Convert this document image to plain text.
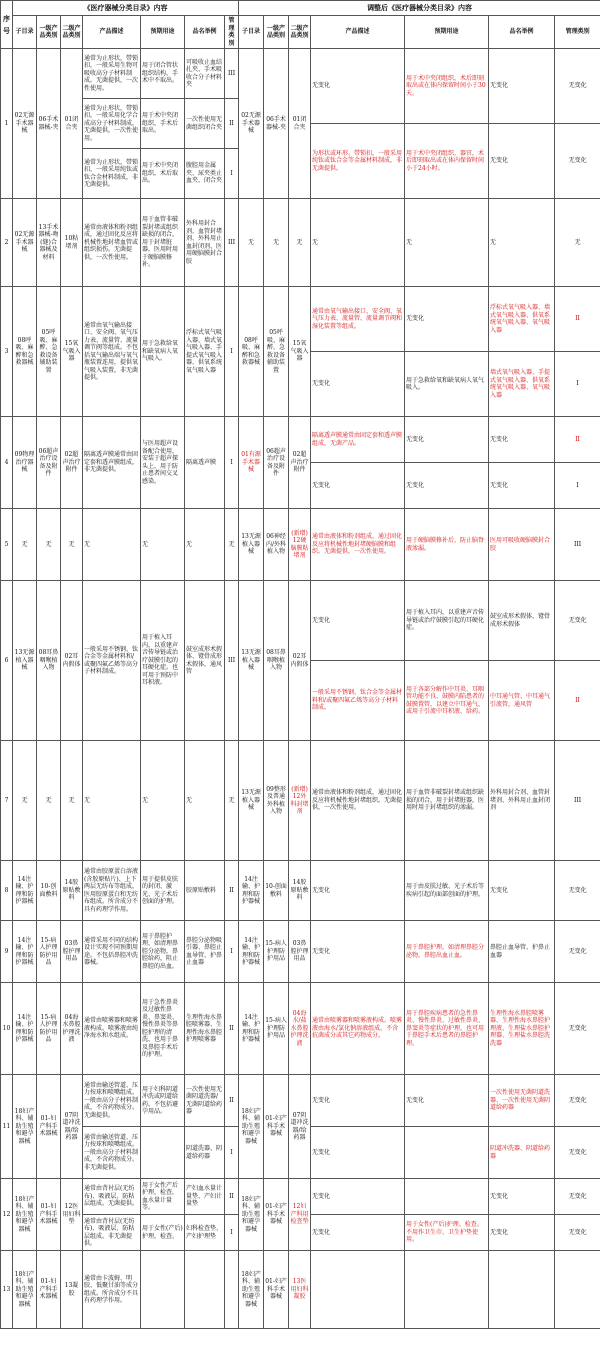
序号	《医疗器械分类目录》内容							调整后《医疗器械分类目录》内容						
	子目录	一级产品类别	二级产品类别	产品描述	预期用途	品名举例	管理类别	子目录	一级产品类别	二级产品类别	产品描述	预期用途	品名举例	管理类别
1	02无源手术器械	06手术器械-夹	01闭合夹	通常为止形状，带锁扣，一般采用生物可吸收高分子材料制成。无菌提供，一次性使用。	用于闭合管状组织结构，手术中不取出。	可吸收止血结扎夹、手术吸收合分子材料夹	III	02无源手术器械	06手术器械-夹	01闭合夹	无变化	用于术中夹闭组织，术后即刻取出或在体内保留时间小于30天。	无变化	无变化

				通常为止形状，带锁扣，一般采用化学合成高分子材料制成，无菌提供，一次性使用。	用于术中夹闭组织，手术后取出。	一次性使用无菌组织闭合夹	II							
											为形状或环形，带锁扣，一般采用纯钛或钛合金等金属材料制成，非无菌提供。	用于术中夹闭组织，器官，术后即刻取出或在体内保留时间小于24小时。	无变化	无变化
				通常为止形状，带锁扣，一般采用纯钛或钛合金材料制成，非无菌提供。	用于术中夹闭组织，术后取出。	腹腔用金属夹、尿夹类止血夹、闭合夹	I							

2	02无源手术器械	13手术器械-吻(缝)合器械及材料	10粘堵剂	通常由液体和粉剂组成，通过固化反应将机械性地封堵血管或组织损伤。无菌提供，一次性使用。	用于血管非破裂封堵或组织缺损的闭合，用于封堵脏器，医用时用于硬脑膜修补。	外科用封合剂、血管封堵剂、外科用止血封闭剂、医用硬脑膜封合胶	III	无	无	无	无	无	无	无
3	08呼吸、麻醉和急救器械	05呼吸、麻醉、急救设备辅助装置	15氧气吸入器	通常由氧气输出接口、安全阀、氧气压力表、流量管、流量调节阀等组成。不包括氧气输出端与氧气瓶装置连用，提供氧气吸入装置，非无菌提供。	用于急救给氧和缺氧病人氧气吸入。	浮标式氧气吸入器、墙式氧气吸入器、手提式氧气吸入器、供氧系统氧气吸入器	I	08呼吸、麻醉和急救器械	05呼吸、麻醉、急救设备辅助装置	15氧气吸入器	通常由氧气输出接口、安全阀、氧气压力表、流量管、流量调节阀和湿化装置等组成。	无变化	浮标式氧气吸入器、墙式氧气吸入器、供氧系统氧气吸入器、氧气吸入器	II
											无变化	用于急救给氧和缺氧病人氧气吸入。	墙式氧气吸入器、手提式氧气吸入器、供氧系统氧气吸入器、氧气吸入器	I
4	09物理治疗器械	06超声治疗设备及附件	02超声治疗附件	隔离透声膜通常由固定套和透声膜组成，非无菌提供。	与医用超声设备配合使用，安装于超声探头上，用于防止患者间交叉感染。	隔离透声膜	I	01有源手术器械	06超声治疗设备及附件	02超声治疗附件	隔离透声膜通常由固定套和透声膜组成，无菌产品。	无变化	无变化	II
											无变化	无变化	无变化	I
5	无	无	无	无	无	无	无	13无源植入器械	06神经内/外科植入物	(新增)12硬脑膜粘堵剂	通常由液体和粉剂组成，通过固化反应将机械性地封堵硬脑膜和组织。无菌提供，一次性使用。	用于硬脑膜修补后，防止脑脊液渗漏。	医用可吸收硬脑膜封合胶	III
6	13无源植入器械	08耳鼻咽喉植入物	02耳内假体	一般采用不锈钢、钛合金等金属材料和/或聚四氟乙烯等高分子材料制成。	用于植入耳内，以重建声音传导链或治疗鼓膜引起的耳硬化症。也可用于预防中耳积液。	鼓室成形术假体、镫骨成形术假体，通风管	III	13无源植入器械	08耳鼻咽喉植入物	02耳内假体	无变化	用于植入耳内，以重建声音传导链或治疗鼓膜引起的耳硬化症。	鼓室成形术假体、镫骨成形术假体	无变化
											一般采用不锈钢、钛合金等金属材料和/或聚四氟乙烯等高分子材料制成。	用于各部分解作中耳炎、耳咽管功能不良、鼓膜内陷患者的鼓膜置管，以建立中耳通气，或用于引流中耳积液、给药。	中耳通气管、中耳通气引流管，通风管	II
7	无	无	无	无	无	无	无	13无源植入器械	09整形及普通外科植入物	(新增)12外科封堵剂	通常由液体和粉剂组成，通过固化反应将机械性地封堵组织。无菌提供，一次性使用。	用于血管非破裂封堵或组织缺损的闭合，用于封堵脏器，医用时用于封堵组织的渗漏。	外科用封合剂、血管封堵剂、外科用止血封闭剂	III
8	14注输、护理和防护器械	10-创面敷料	14胶原贴敷料	通常由胶原蛋白溶液(含胶原贴片)、上下两层无纺布等组成，医用胶原蛋白和无纺布组成。所含成分不具有药理学作用。	用于提供皮肤的封闭、激光、光子术后创面的护理。	胶原贴敷料	II	14注输、护理和防护器械	10-创面敷料	14胶原贴敷料	无变化	用于由皮肤过敏、光子术后等疾病引起的面部创面的护理。	无变化	无变化
9	14注输、护理和防护器械	15-病人护理防护用品	03鼻腔护理用品	通常采用不同的结构设计实现不同预期用途。不包括鼻腔冲洗器械。	用于鼻腔护理，如清理鼻腔分泌物，鼻腔给药，阻止鼻腔的出血。	鼻腔分泌物吸引器、鼻腔止血导管、护鼻止血器	I	14注输、护理和防护器械	15-病人护理防护用品	03鼻腔护理用品	无变化	用于鼻腔护理，如清理鼻腔分泌物，鼻腔出血止血。	鼻腔止血导管、护鼻止血器	无变化
10	14注输、护理和防护器械	15-病人护理防护用品	04海水鼻腔护理洗液	通常由喷雾器和喷雾液构成。喷雾液由纯净海水和水组成。	用于急性鼻炎及过敏性鼻炎、鼻窦炎、慢性鼻炎等鼻腔护理的清洗，也用于鼻及鼻腔手术后的护理。	生理性海水鼻腔喷雾器、生理性海水鼻腔护理喷雾器	II	14注输、护理和防护器械	15-病人护理防护用品	04海水/盐水鼻腔护理洗液	通常由喷雾器和喷雾液构成。喷雾液由海水/氯化钠溶液组成。不含抗菌成分或其它药物成分。	用于鼻腔疾病患者的急性鼻炎、慢性鼻炎、过敏性鼻炎、鼻窦炎等症状的护理，也可用于鼻腔手术后患者的鼻腔护理。	生理性海水鼻腔喷雾器、生理性海水鼻腔护理液、生理盐水鼻腔护理器、生理盐水鼻腔洗洗器	无变化
11	18妇产科、辅助生殖和避孕器械	01-妇产科手术器械	07阴道冲洗器/给药器	通常由输送管道、压力按球和喷嘴组成。一般由高分子材料制成，不含药物成分。无菌提供。	用于妇科阴道冲洗或阴道给药。不包括避孕用品。	一次性使用无菌阴道洗器/无菌阴道给药器	II	18妇产科、辅助生殖和避孕器械	01-妇产科手术器械	07阴道冲洗器/给药器	无变化	无变化	一次性使用无菌阴道洗器、一次性使用无菌阴道给药器	无变化
				通常由输送管道、压力按球和喷嘴组成。一般由高分子材料制成，不含药物成分。非无菌提供。		阴道洗器、阴道给药器	I				无变化		阴道冲洗器、阴道给药器	无变化
12	18妇产科、辅助生殖和避孕器械	01-妇产科手术器械	12医用妇科垫	通常由背衬层(无纺布)、吸液层、防粘层组成。无菌提供。	用于女性产后护理，检查，血水量计量等。	产妇血水量计量垫、产妇计量垫	II	18妇产科、辅助生殖和避孕器械	01-妇产科手术器械	12妇产科用检查垫	无变化		无变化	无变化
				通常由背衬层(无纺布)、吸液层、防粘层组成。非无菌提供。	用于女性(产后)护理，检查。	妇科检查垫、产妇护理垫	I				无变化	用于女性(产后)护理、检查。不用作卫生巾、卫生护垫使用。	无变化	无变化
13	18妇产科、辅助生殖和避孕器械	01-妇产科手术器械	13凝胶	通常由卡波姆、明胶、低聚甘油等成分组成。所含成分不具有药理学作用。				18妇产科、辅助生殖和避孕器械	01-妇产科手术器械	13医用妇科凝胶				
